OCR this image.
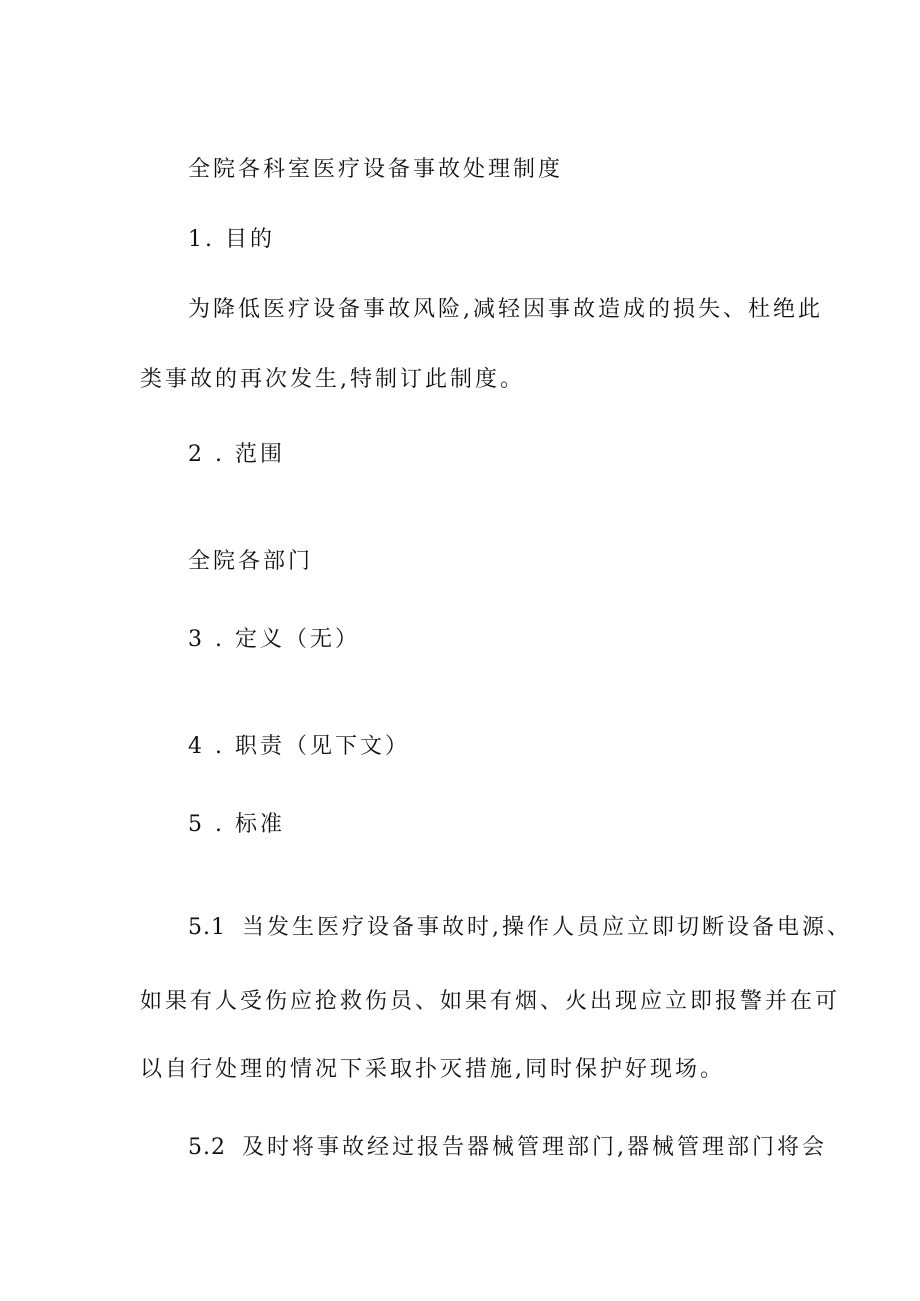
全院各科室医疗设备事故处理制度
1. 目的
为降低医疗设备事故风险,减轻因事故造成的损失、杜绝此
类事故的再次发生,特制订此制度。
2 . 范围
全院各部门
3 . 定义（无）
4 . 职责（见下文）
5 . 标准
5.1 当发生医疗设备事故时,操作人员应立即切断设备电源、
如果有人受伤应抢救伤员、如果有烟、火出现应立即报警并在可
以自行处理的情况下采取扑灭措施,同时保护好现场。
5.2 及时将事故经过报告器械管理部门,器械管理部门将会
